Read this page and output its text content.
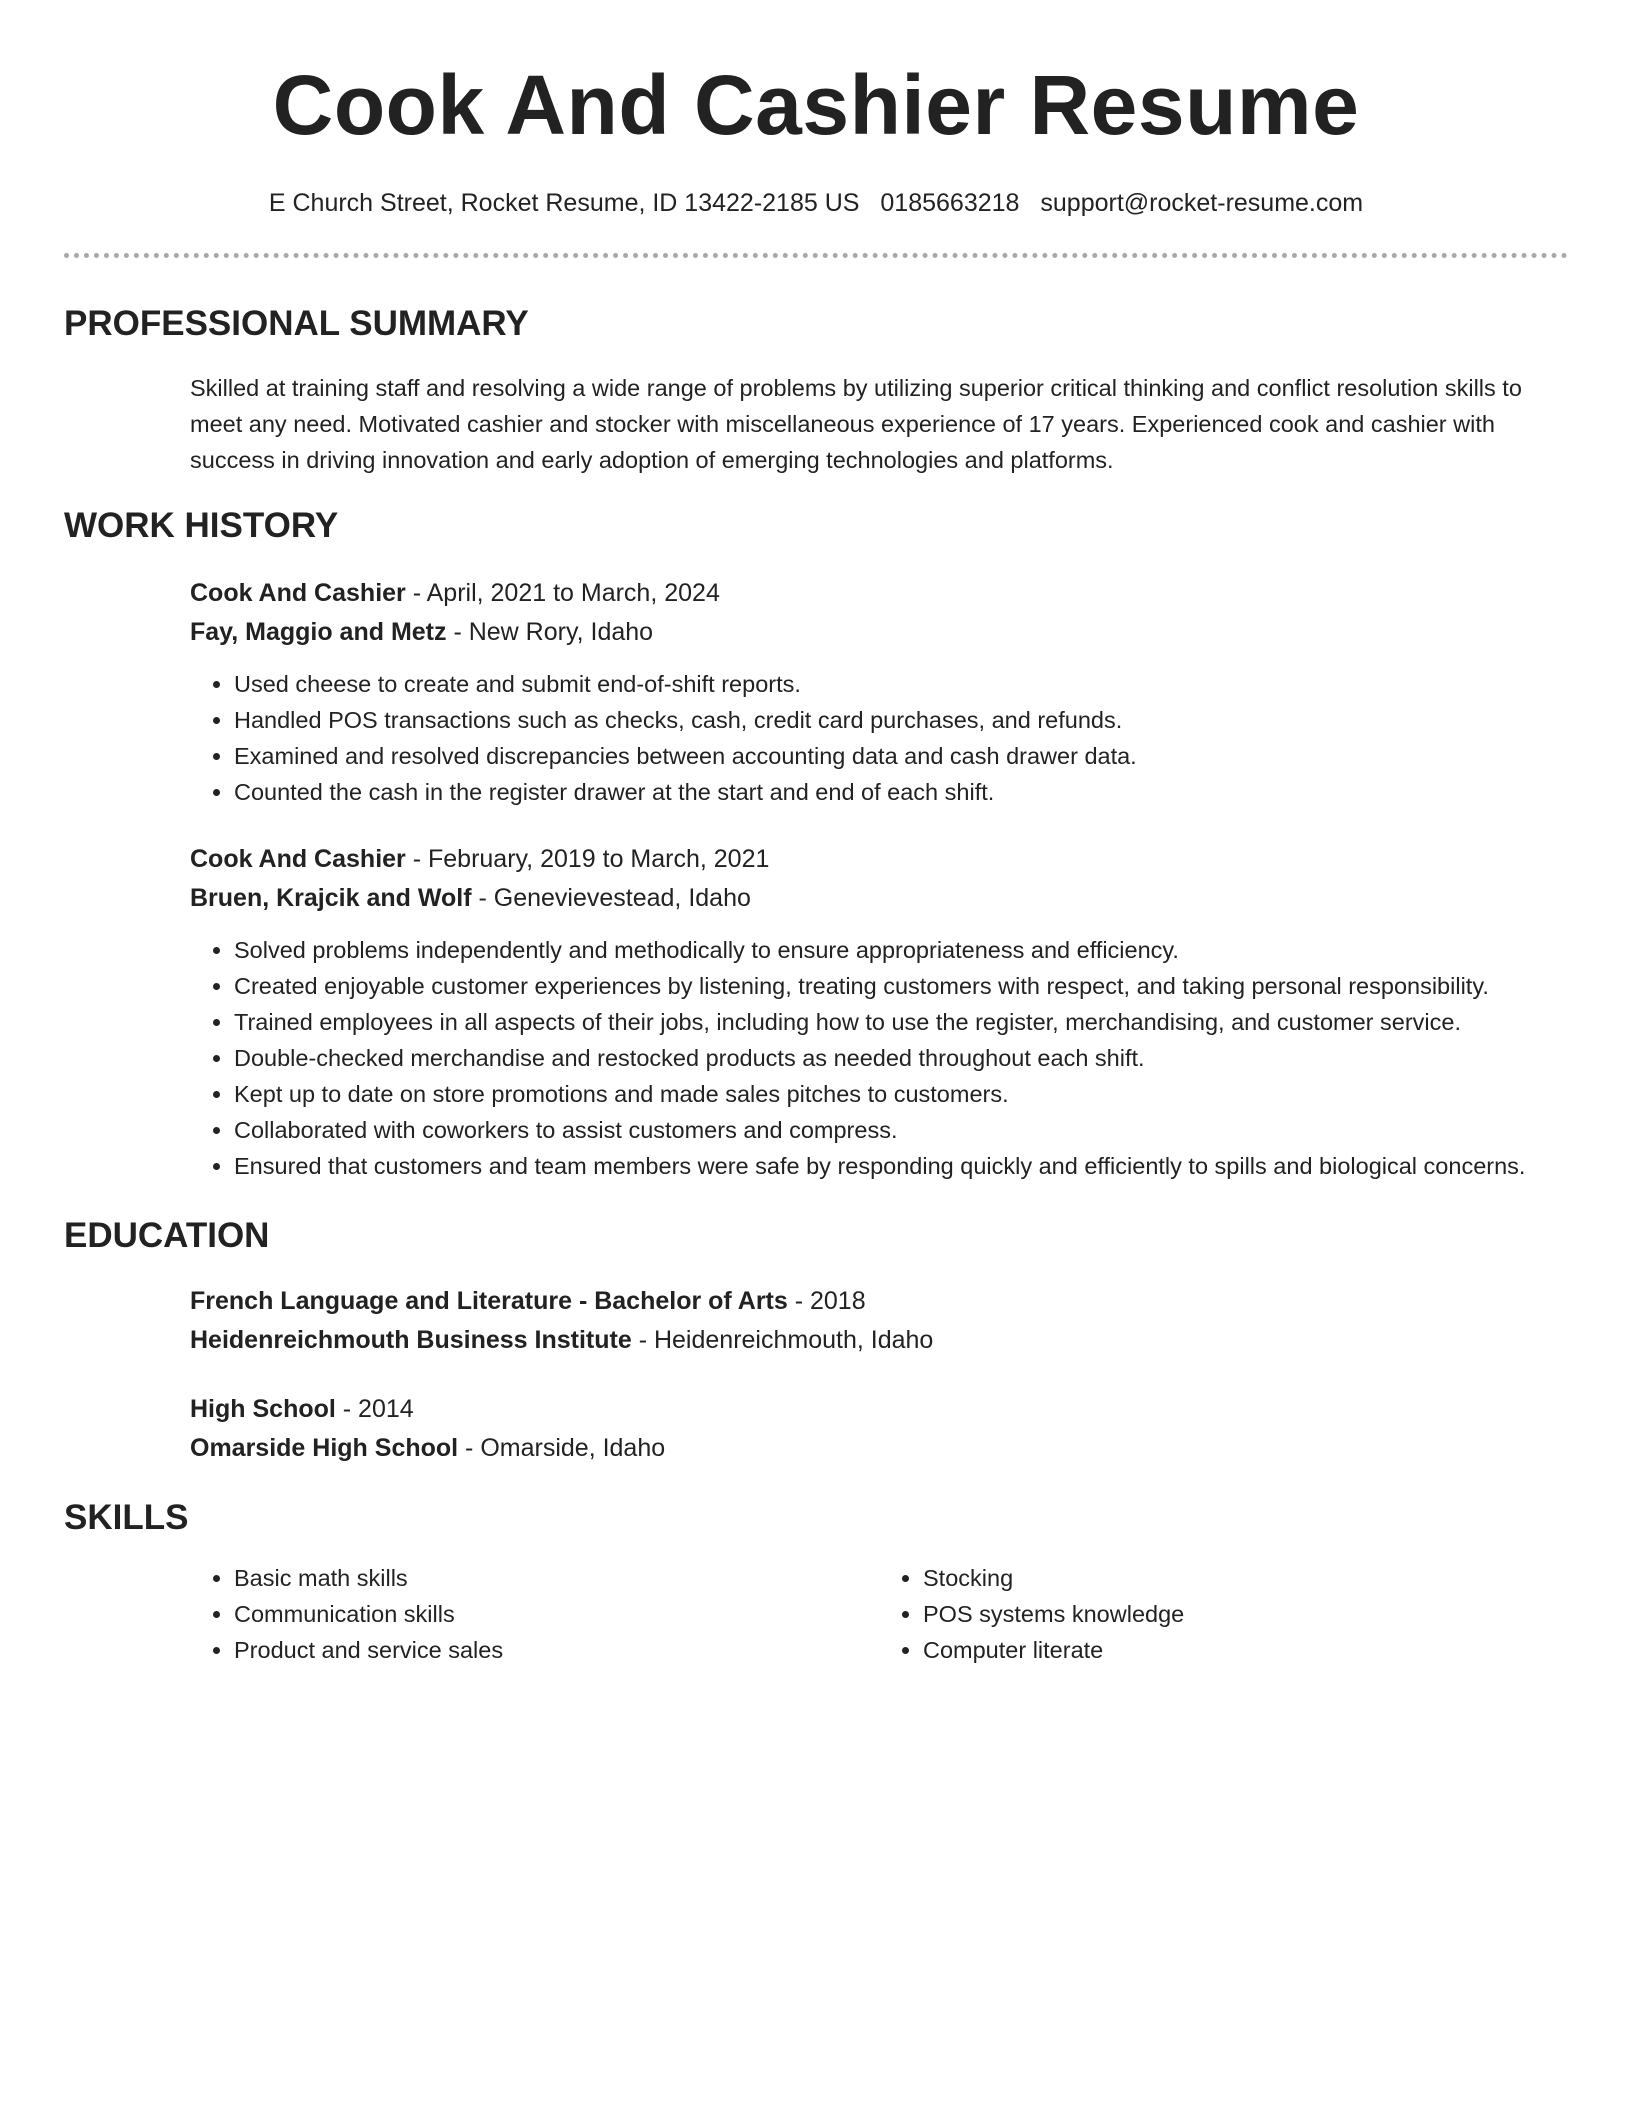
Cook And Cashier Resume
E Church Street, Rocket Resume, ID 13422-2185 US 0185663218 support@rocket-resume.com
PROFESSIONAL SUMMARY

Skilled at training staff and resolving a wide range of problems by utilizing superior critical thinking and conflict resolution skills to meet any need. Motivated cashier and stocker with miscellaneous experience of 17 years. Experienced cook and cashier with success in driving innovation and early adoption of emerging technologies and platforms.

WORK HISTORY
Cook And Cashier - April, 2021 to March, 2024
Fay, Maggio and Metz - New Rory, Idaho
• Used cheese to create and submit end-of-shift reports.
• Handled POS transactions such as checks, cash, credit card purchases, and refunds.
• Examined and resolved discrepancies between accounting data and cash drawer data.
• Counted the cash in the register drawer at the start and end of each shift.
Cook And Cashier - February, 2019 to March, 2021
Bruen, Krajcik and Wolf - Genevievestead, Idaho
• Solved problems independently and methodically to ensure appropriateness and efficiency.
• Created enjoyable customer experiences by listening, treating customers with respect, and taking personal responsibility.
• Trained employees in all aspects of their jobs, including how to use the register, merchandising, and customer service.
• Double-checked merchandise and restocked products as needed throughout each shift.
• Kept up to date on store promotions and made sales pitches to customers.
• Collaborated with coworkers to assist customers and compress.
• Ensured that customers and team members were safe by responding quickly and efficiently to spills and biological concerns.
EDUCATION
French Language and Literature - Bachelor of Arts - 2018
Heidenreichmouth Business Institute - Heidenreichmouth, Idaho
High School - 2014
Omarside High School - Omarside, Idaho
SKILLS
• Basic math skills
• Communication skills
• Product and service sales
• Stocking
• POS systems knowledge
• Computer literate
